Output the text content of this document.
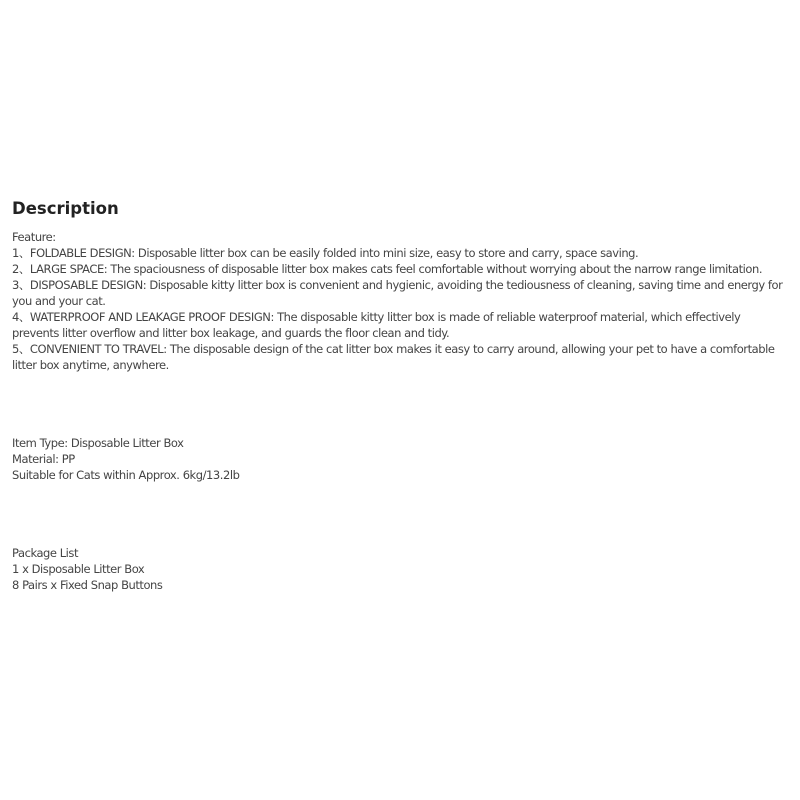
Description
Feature:
1、FOLDABLE DESIGN: Disposable litter box can be easily folded into mini size, easy to store and carry, space saving.
2、LARGE SPACE: The spaciousness of disposable litter box makes cats feel comfortable without worrying about the narrow range limitation.
3、DISPOSABLE DESIGN: Disposable kitty litter box is convenient and hygienic, avoiding the tediousness of cleaning, saving time and energy for
you and your cat.
4、WATERPROOF AND LEAKAGE PROOF DESIGN: The disposable kitty litter box is made of reliable waterproof material, which effectively
prevents litter overflow and litter box leakage, and guards the floor clean and tidy.
5、CONVENIENT TO TRAVEL: The disposable design of the cat litter box makes it easy to carry around, allowing your pet to have a comfortable
litter box anytime, anywhere.
Item Type: Disposable Litter Box
Material: PP
Suitable for Cats within Approx. 6kg/13.2lb
Package List
1 x Disposable Litter Box
8 Pairs x Fixed Snap Buttons
